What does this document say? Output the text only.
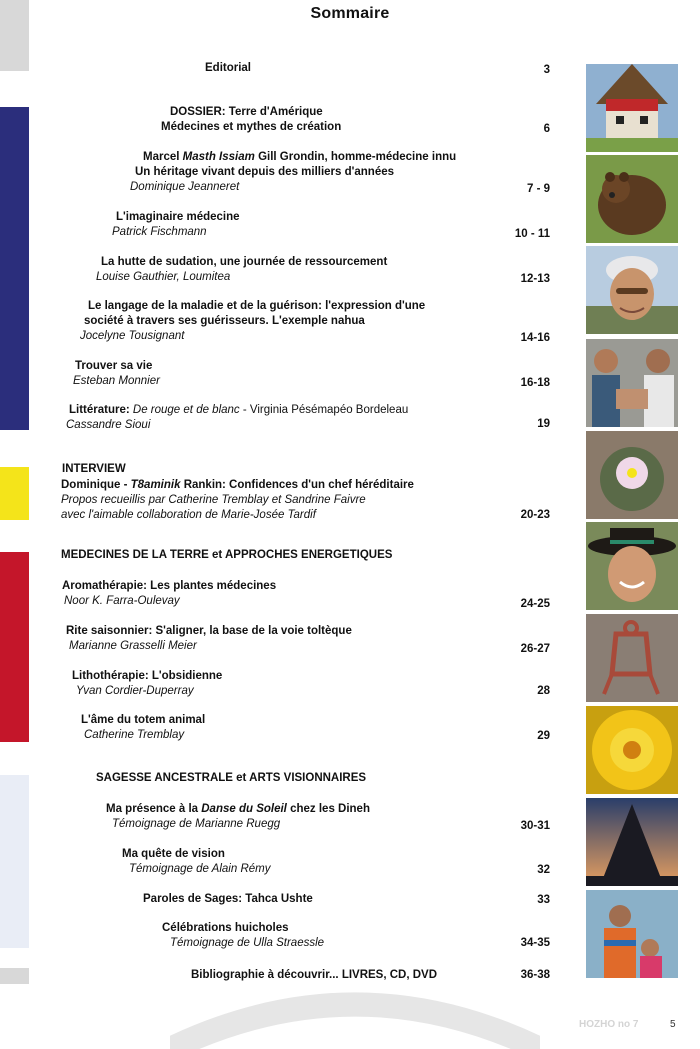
Sommaire
Editorial	3
DOSSIER: Terre d'Amérique
Médecines et mythes de création	6
Marcel Masth Issiam Gill Grondin, homme-médecine innu
Un héritage vivant depuis des milliers d'années
Dominique Jeanneret	7 - 9
L'imaginaire médecine
Patrick Fischmann	10 - 11
La hutte de sudation, une journée de ressourcement
Louise Gauthier, Loumitea	12-13
Le langage de la maladie et de la guérison: l'expression d'une
société à travers ses guérisseurs. L'exemple nahua
Jocelyne Tousignant	14-16
Trouver sa vie
Esteban Monnier	16-18
Littérature: De rouge et de blanc - Virginia Pésémapéo Bordeleau
Cassandre Sioui	19
INTERVIEW
Dominique - T8aminik Rankin: Confidences d'un chef héréditaire
Propos recueillis par Catherine Tremblay et Sandrine Faivre
avec l'aimable collaboration de Marie-Josée Tardif	20-23
MEDECINES DE LA TERRE et APPROCHES ENERGETIQUES
Aromathérapie: Les plantes médecines
Noor K. Farra-Oulevay	24-25
Rite saisonnier: S'aligner, la base de la voie toltèque
Marianne Grasselli Meier	26-27
Lithothérapie: L'obsidienne
Yvan Cordier-Duperray	28
L'âme du totem animal
Catherine Tremblay	29
SAGESSE ANCESTRALE et ARTS VISIONNAIRES
Ma présence à la Danse du Soleil chez les Dineh
Témoignage de Marianne Ruegg	30-31
Ma quête de vision
Témoignage de Alain Rémy	32
Paroles de Sages: Tahca Ushte	33
Célébrations huicholes
Témoignage de Ulla Straessle	34-35
Bibliographie à découvrir... LIVRES, CD, DVD	36-38
HOZHO no 7	5
